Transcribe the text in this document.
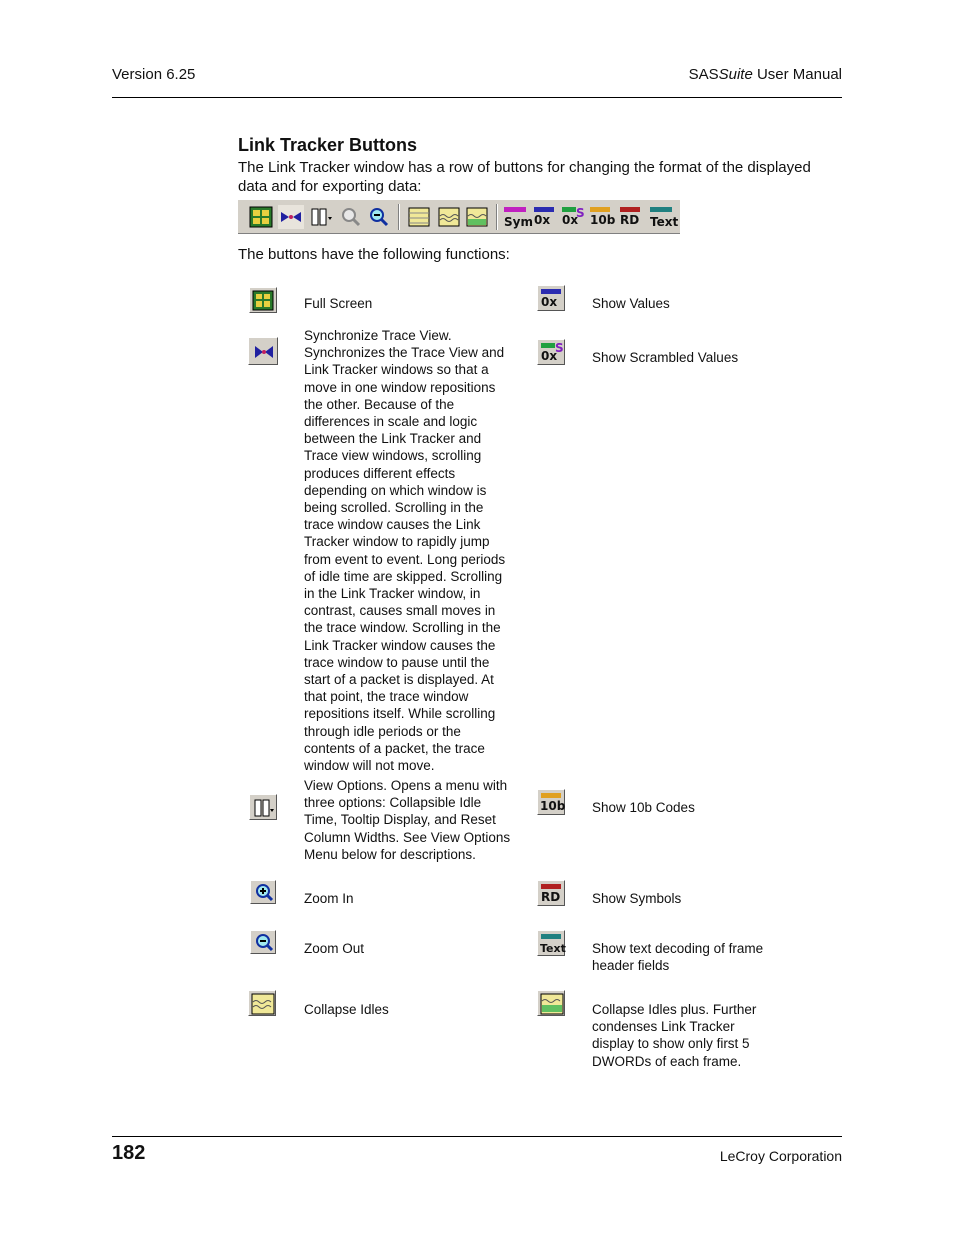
Version 6.25	SASSuite User Manual
Link Tracker Buttons
The Link Tracker window has a row of buttons for changing the format of the displayed data and for exporting data:
Sym 0x S
0x 10b RD Text
The buttons have the following functions:
Full Screen
Synchronize Trace View.
Synchronizes the Trace View and
Link Tracker windows so that a
move in one window repositions
the other. Because of the
differences in scale and logic
between the Link Tracker and
Trace view windows, scrolling
produces different effects
depending on which window is
being scrolled. Scrolling in the
trace window causes the Link
Tracker window to rapidly jump
from event to event. Long periods
of idle time are skipped. Scrolling
in the Link Tracker window, in
contrast, causes small moves in
the trace window. Scrolling in the
Link Tracker window causes the
trace window to pause until the
start of a packet is displayed. At
that point, the trace window
repositions itself. While scrolling
through idle periods or the
contents of a packet, the trace
window will not move.
View Options. Opens a menu with
three options: Collapsible Idle
Time, Tooltip Display, and Reset
Column Widths. See View Options
Menu below for descriptions.
Zoom In
Zoom Out
Collapse Idles
0x
S
0x
10b
RD
Text
Show Values
Show Scrambled Values
Show 10b Codes
Show Symbols
Show text decoding of frame
header fields
Collapse Idles plus. Further
condenses Link Tracker
display to show only first 5
DWORDs of each frame.
182	LeCroy Corporation
